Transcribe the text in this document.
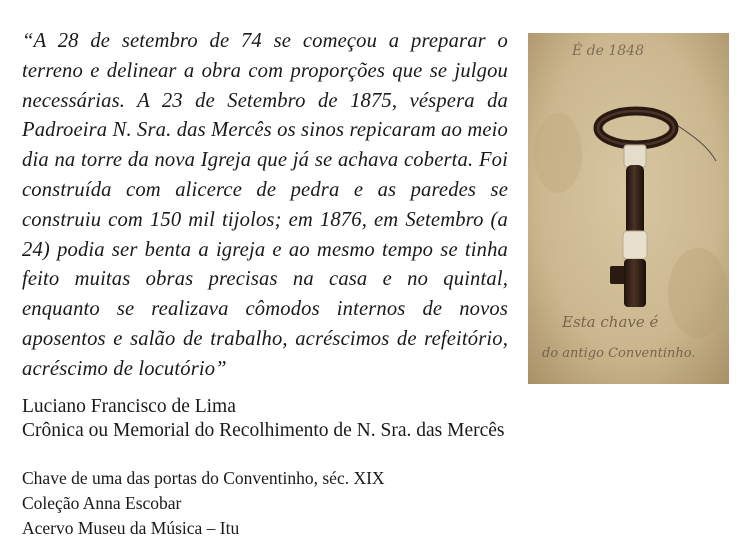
“A 28 de setembro de 74 se começou a preparar o terreno e delinear a obra com proporções que se julgou necessárias. A 23 de Setembro de 1875, véspera da Padroeira N. Sra. das Mercês os sinos repicaram ao meio dia na torre da nova Igreja que já se achava coberta. Foi construída com alicerce de pedra e as paredes se construiu com 150 mil tijolos; em 1876, em Setembro (a 24) podia ser benta a igreja e ao mesmo tempo se tinha feito muitas obras precisas na casa e no quintal, enquanto se realizava cômodos internos de novos aposentos e salão de trabalho, acréscimos de refeitório, acréscimo de locutório”
É de 1848
Esta chave é
do antigo Conventinho.
Luciano Francisco de Lima
Crônica ou Memorial do Recolhimento de N. Sra. das Mercês
Chave de uma das portas do Conventinho, séc. XIX
Coleção Anna Escobar
Acervo Museu da Música – Itu
